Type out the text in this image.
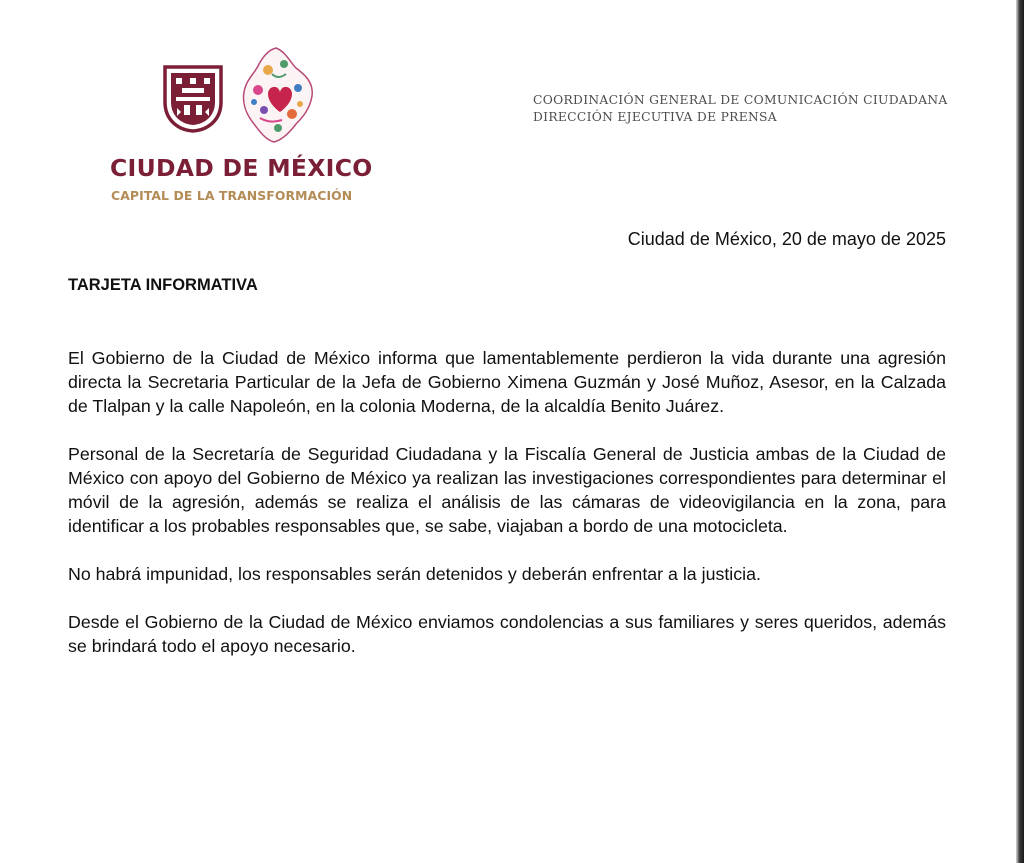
CIUDAD DE MÉXICO
CAPITAL DE LA TRANSFORMACIÓN
COORDINACIÓN GENERAL DE COMUNICACIÓN CIUDADANA
DIRECCIÓN EJECUTIVA DE PRENSA
Ciudad de México, 20 de mayo de 2025
TARJETA INFORMATIVA

El Gobierno de la Ciudad de México informa que lamentablemente perdieron la vida durante una agresión directa la Secretaria Particular de la Jefa de Gobierno Ximena Guzmán y José Muñoz, Asesor, en la Calzada de Tlalpan y la calle Napoleón, en la colonia Moderna, de la alcaldía Benito Juárez.

Personal de la Secretaría de Seguridad Ciudadana y la Fiscalía General de Justicia ambas de la Ciudad de México con apoyo del Gobierno de México ya realizan las investigaciones correspondientes para determinar el móvil de la agresión, además se realiza el análisis de las cámaras de videovigilancia en la zona, para identificar a los probables responsables que, se sabe, viajaban a bordo de una motocicleta.

No habrá impunidad, los responsables serán detenidos y deberán enfrentar a la justicia.

Desde el Gobierno de la Ciudad de México enviamos condolencias a sus familiares y seres queridos, además se brindará todo el apoyo necesario.
